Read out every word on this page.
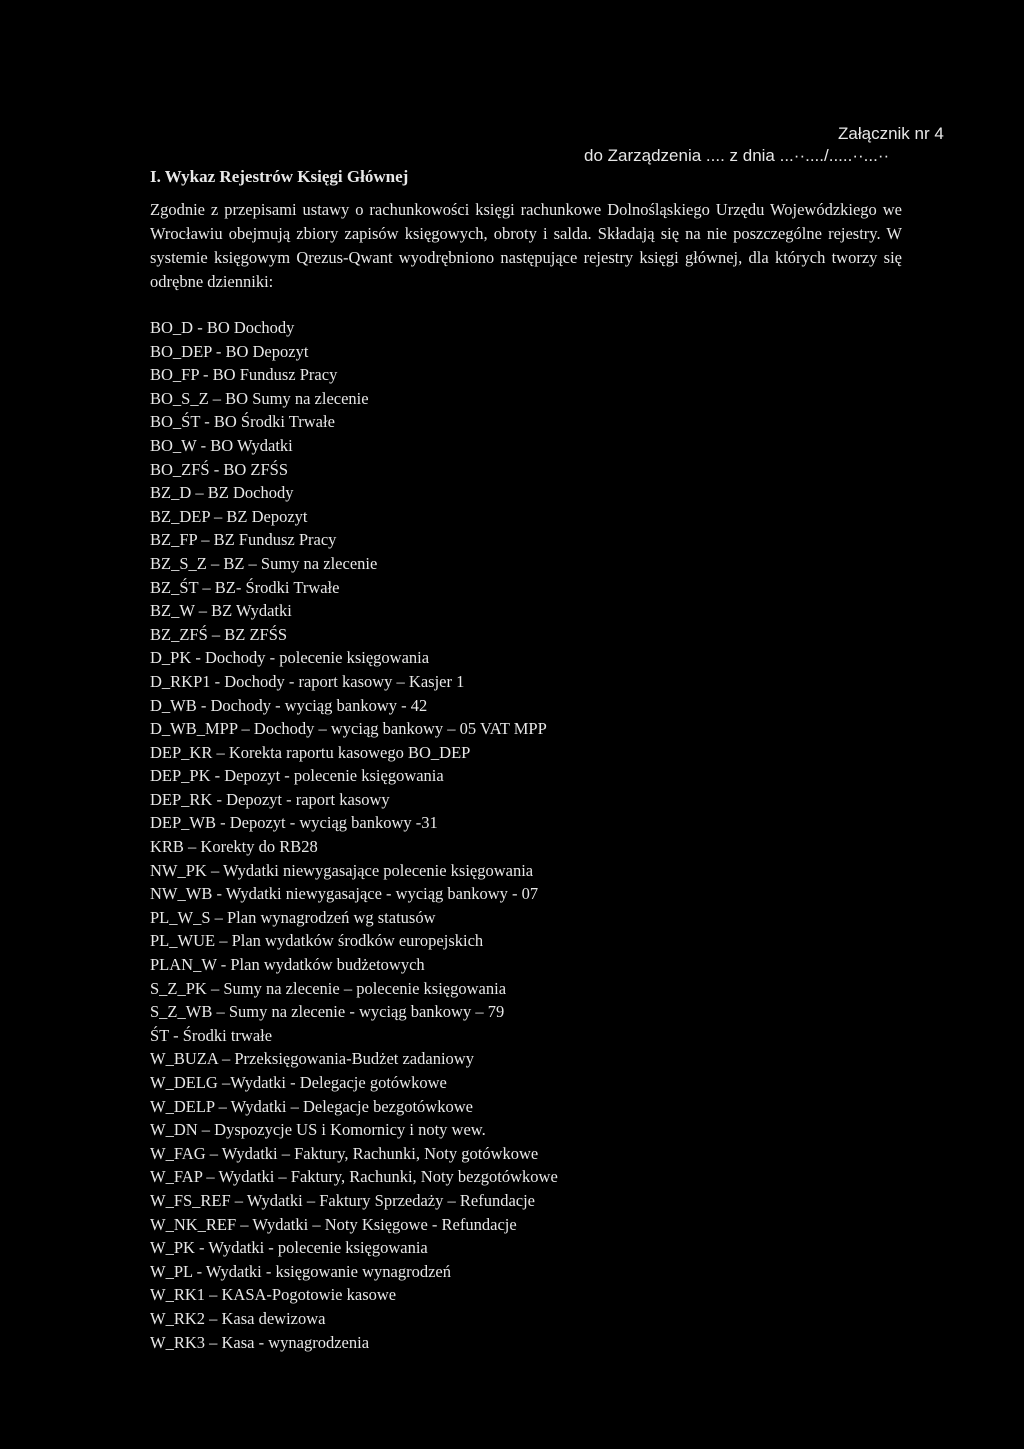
Załącznik nr 4
do Zarządzenia .... z dnia ...··..../.....··...··
I. Wykaz Rejestrów Księgi Głównej

Zgodnie z przepisami ustawy o rachunkowości księgi rachunkowe Dolnośląskiego Urzędu Wojewódzkiego we Wrocławiu obejmują zbiory zapisów księgowych, obroty i salda. Składają się na nie poszczególne rejestry. W systemie księgowym Qrezus-Qwant wyodrębniono następujące rejestry księgi głównej, dla których tworzy się odrębne dzienniki:

BO_D - BO Dochody
BO_DEP - BO Depozyt
BO_FP - BO Fundusz Pracy
BO_S_Z – BO Sumy na zlecenie
BO_ŚT - BO Środki Trwałe
BO_W - BO Wydatki
BO_ZFŚ - BO ZFŚS
BZ_D – BZ Dochody
BZ_DEP – BZ Depozyt
BZ_FP – BZ Fundusz Pracy
BZ_S_Z – BZ – Sumy na zlecenie
BZ_ŚT – BZ- Środki Trwałe
BZ_W – BZ Wydatki
BZ_ZFŚ – BZ ZFŚS
D_PK - Dochody - polecenie księgowania
D_RKP1 - Dochody - raport kasowy – Kasjer 1
D_WB - Dochody - wyciąg bankowy - 42
D_WB_MPP – Dochody – wyciąg bankowy – 05 VAT MPP
DEP_KR – Korekta raportu kasowego BO_DEP
DEP_PK - Depozyt - polecenie księgowania
DEP_RK - Depozyt - raport kasowy
DEP_WB - Depozyt - wyciąg bankowy -31
KRB – Korekty do RB28
NW_PK – Wydatki niewygasające polecenie księgowania
NW_WB - Wydatki niewygasające - wyciąg bankowy - 07
PL_W_S – Plan wynagrodzeń wg statusów
PL_WUE – Plan wydatków środków europejskich
PLAN_W - Plan wydatków budżetowych
S_Z_PK – Sumy na zlecenie – polecenie księgowania
S_Z_WB – Sumy na zlecenie - wyciąg bankowy – 79
ŚT - Środki trwałe
W_BUZA – Przeksięgowania-Budżet zadaniowy
W_DELG –Wydatki - Delegacje gotówkowe
W_DELP – Wydatki – Delegacje bezgotówkowe
W_DN – Dyspozycje US i Komornicy i noty wew.
W_FAG – Wydatki – Faktury, Rachunki, Noty gotówkowe
W_FAP – Wydatki – Faktury, Rachunki, Noty bezgotówkowe
W_FS_REF – Wydatki – Faktury Sprzedaży – Refundacje
W_NK_REF – Wydatki – Noty Księgowe - Refundacje
W_PK - Wydatki - polecenie księgowania
W_PL - Wydatki - księgowanie wynagrodzeń
W_RK1 – KASA-Pogotowie kasowe
W_RK2 – Kasa dewizowa
W_RK3 – Kasa - wynagrodzenia
